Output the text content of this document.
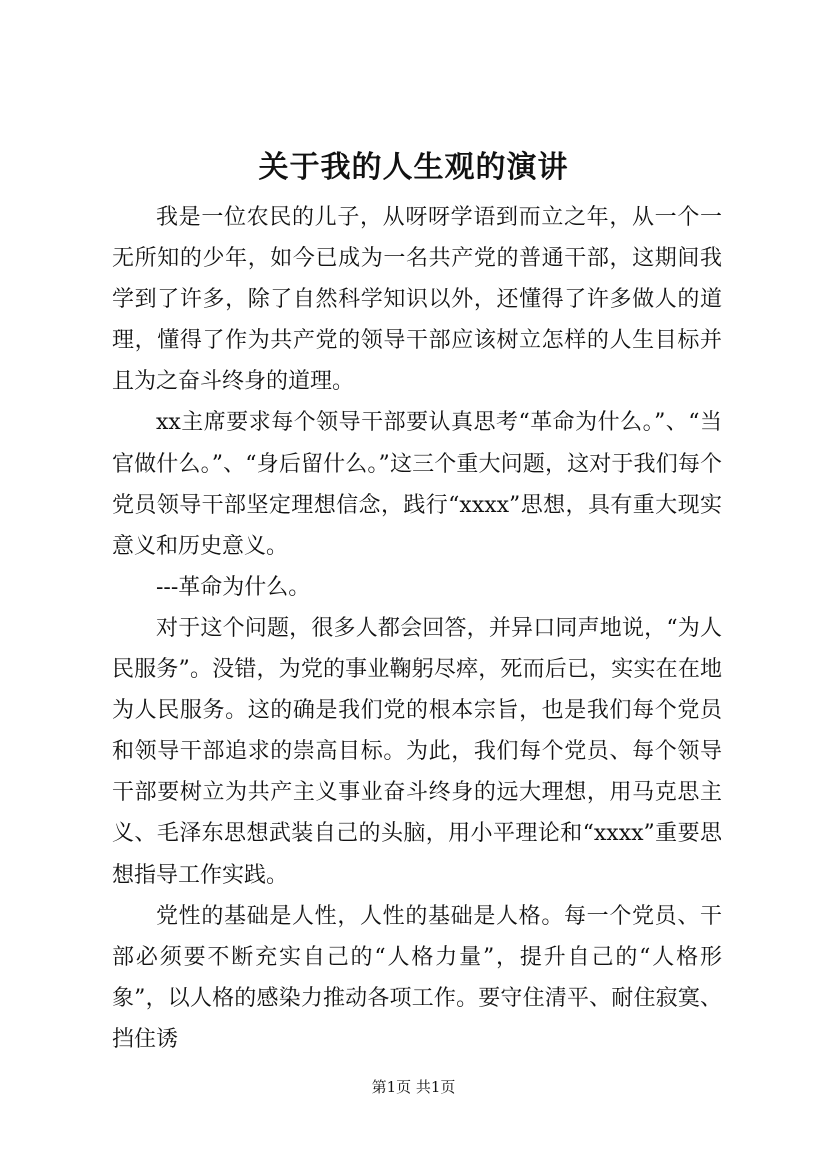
关于我的人生观的演讲

我是一位农民的儿子，从呀呀学语到而立之年，从一个一无所知的少年，如今已成为一名共产党的普通干部，这期间我学到了许多，除了自然科学知识以外，还懂得了许多做人的道理，懂得了作为共产党的领导干部应该树立怎样的人生目标并且为之奋斗终身的道理。

xx主席要求每个领导干部要认真思考“革命为什么。”、“当官做什么。”、“身后留什么。”这三个重大问题，这对于我们每个党员领导干部坚定理想信念，践行“xxxx”思想，具有重大现实意义和历史意义。

---革命为什么。

对于这个问题，很多人都会回答，并异口同声地说，“为人民服务”。没错，为党的事业鞠躬尽瘁，死而后已，实实在在地为人民服务。这的确是我们党的根本宗旨，也是我们每个党员和领导干部追求的崇高目标。为此，我们每个党员、每个领导干部要树立为共产主义事业奋斗终身的远大理想，用马克思主义、毛泽东思想武装自己的头脑，用小平理论和“xxxx”重要思想指导工作实践。

党性的基础是人性，人性的基础是人格。每一个党员、干部必须要不断充实自己的“人格力量”，提升自己的“人格形象”，以人格的感染力推动各项工作。要守住清平、耐住寂寞、挡住诱

第1页 共1页
